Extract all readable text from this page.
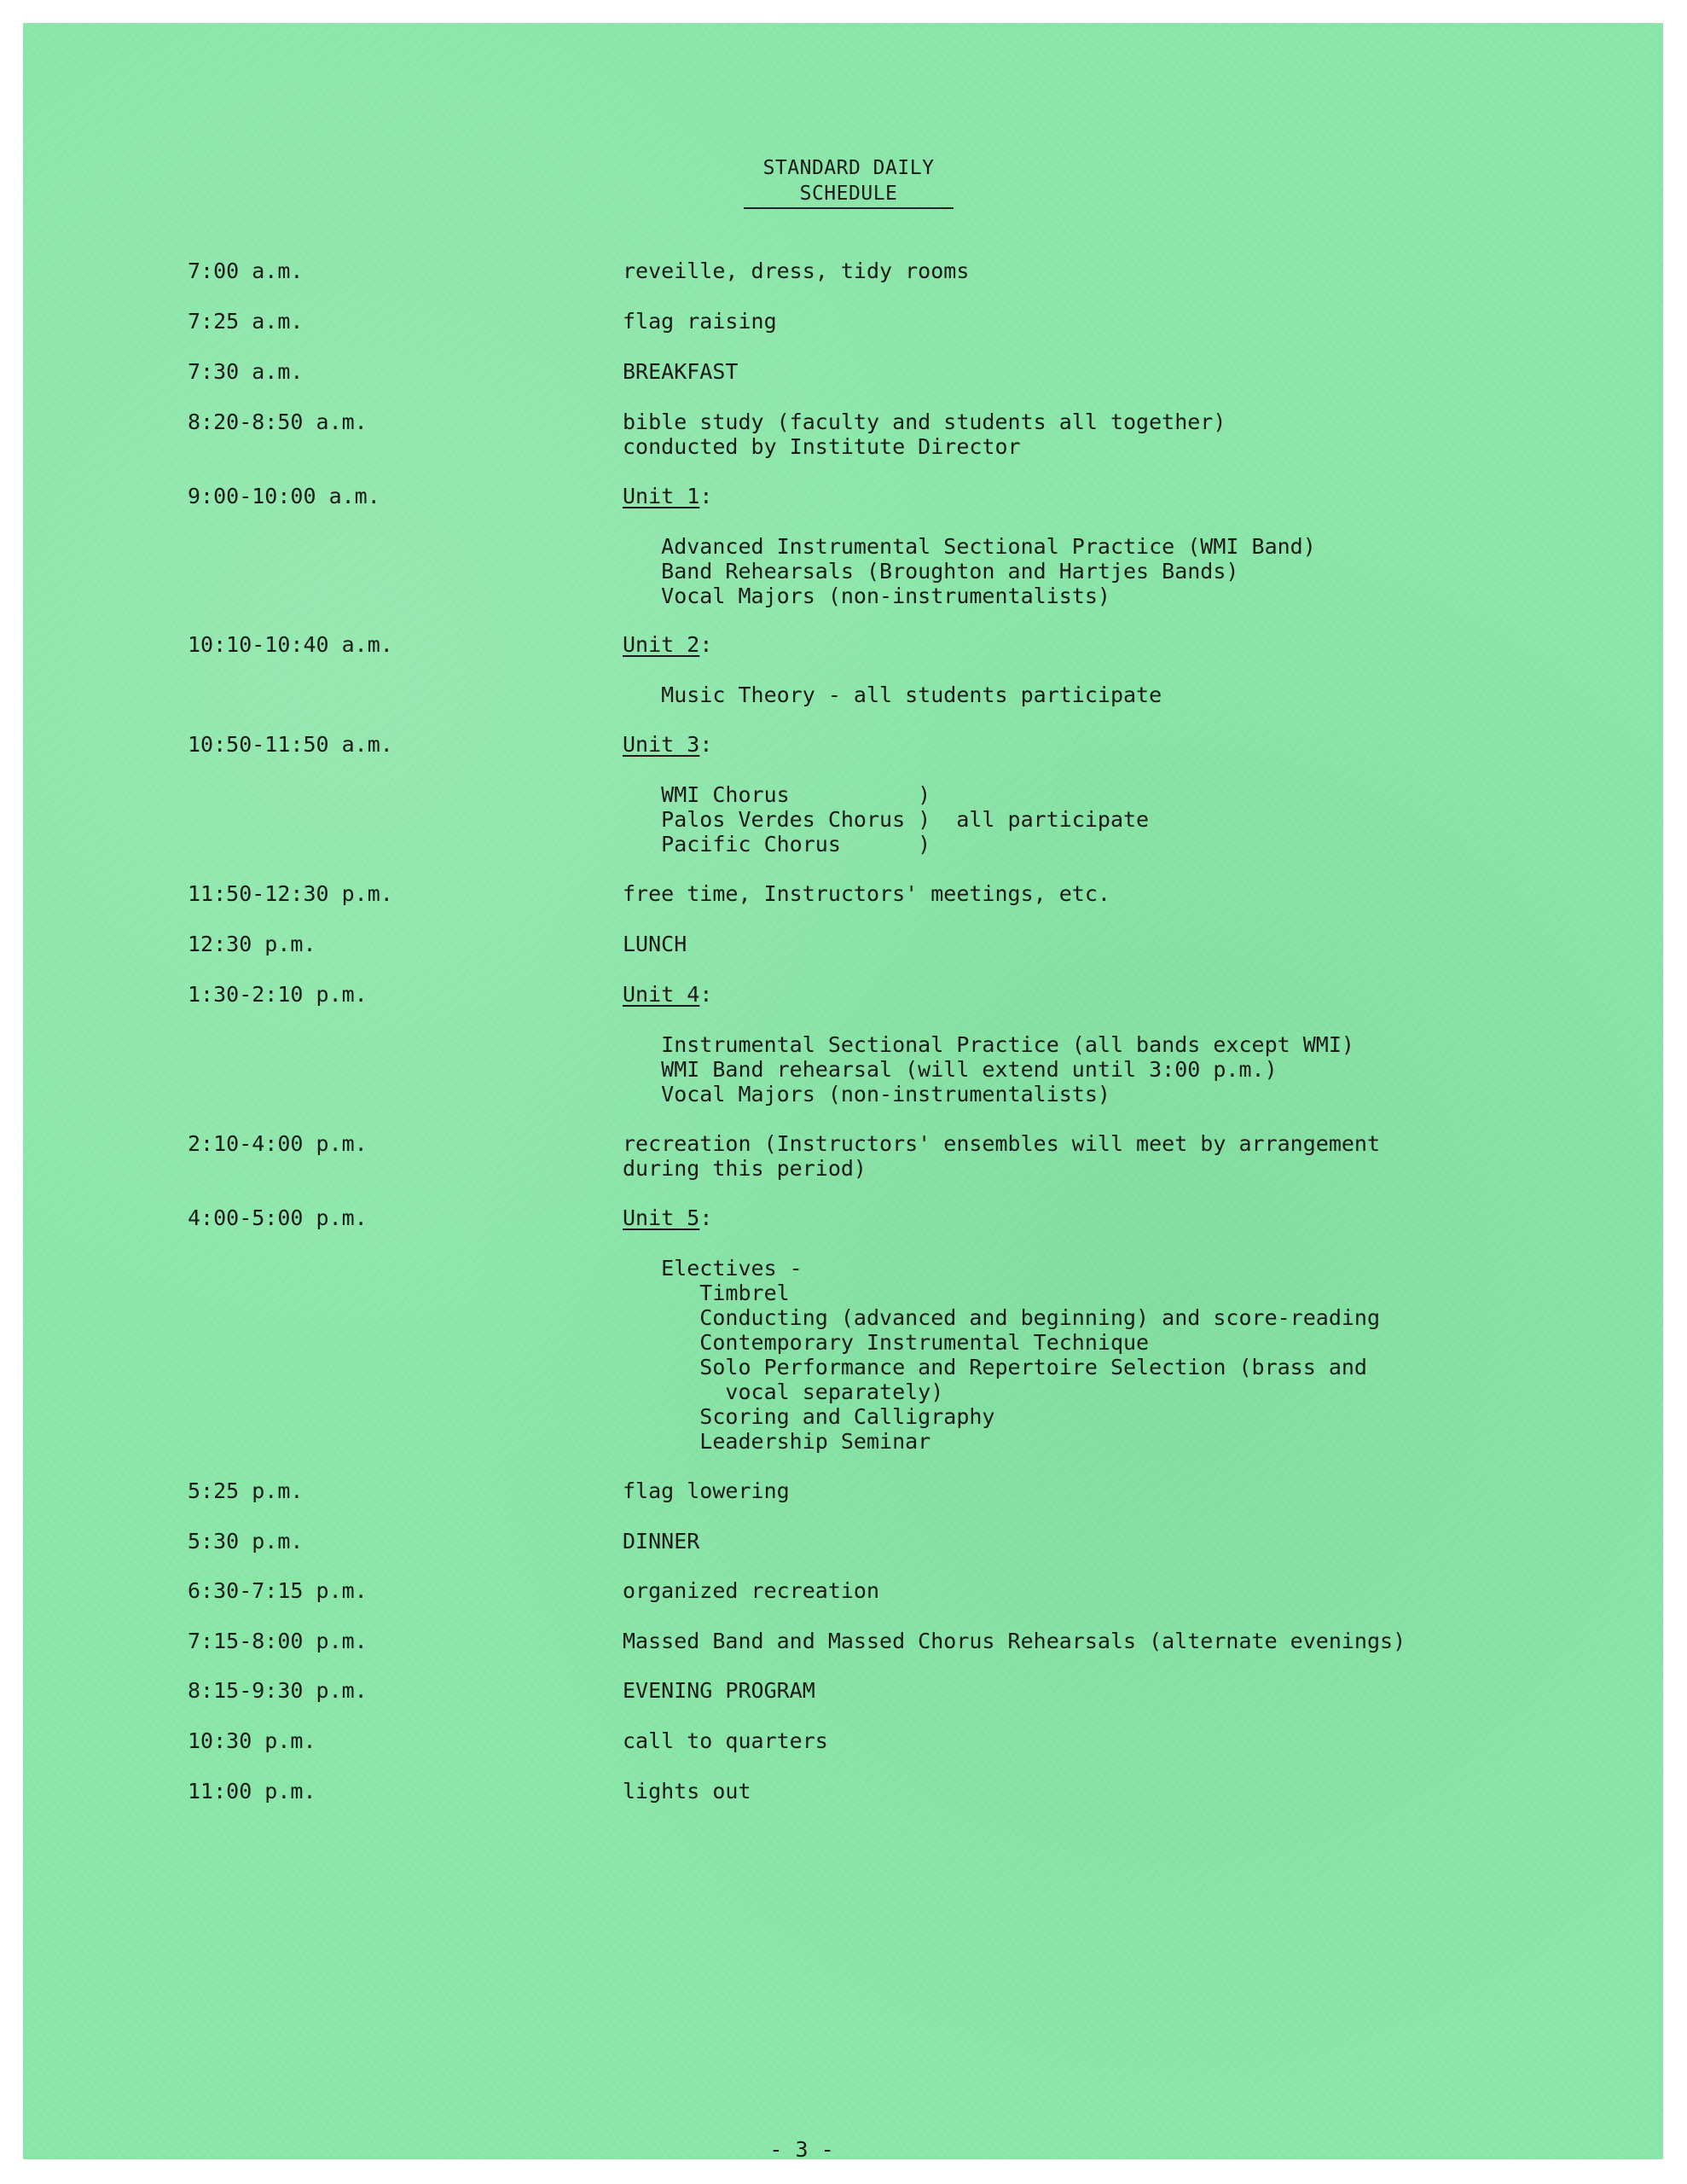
STANDARD DAILY
SCHEDULE
7:00 a.m.	reveille, dress, tidy rooms
7:25 a.m.	flag raising
7:30 a.m.	BREAKFAST
8:20-8:50 a.m.	bible study (faculty and students all together)
conducted by Institute Director
9:00-10:00 a.m.	Unit 1:
Advanced Instrumental Sectional Practice (WMI Band)
Band Rehearsals (Broughton and Hartjes Bands)
Vocal Majors (non-instrumentalists)
10:10-10:40 a.m.	Unit 2:
Music Theory - all students participate
10:50-11:50 a.m.	Unit 3:
WMI Chorus          )
Palos Verdes Chorus )  all participate
Pacific Chorus      )
11:50-12:30 p.m.	free time, Instructors' meetings, etc.
12:30 p.m.	LUNCH
1:30-2:10 p.m.	Unit 4:
Instrumental Sectional Practice (all bands except WMI)
WMI Band rehearsal (will extend until 3:00 p.m.)
Vocal Majors (non-instrumentalists)
2:10-4:00 p.m.	recreation (Instructors' ensembles will meet by arrangement
during this period)
4:00-5:00 p.m.	Unit 5:
Electives -
Timbrel
Conducting (advanced and beginning) and score-reading
Contemporary Instrumental Technique
Solo Performance and Repertoire Selection (brass and
vocal separately)
Scoring and Calligraphy
Leadership Seminar
5:25 p.m.	flag lowering
5:30 p.m.	DINNER
6:30-7:15 p.m.	organized recreation
7:15-8:00 p.m.	Massed Band and Massed Chorus Rehearsals (alternate evenings)
8:15-9:30 p.m.	EVENING PROGRAM
10:30 p.m.	call to quarters
11:00 p.m.	lights out
- 3 -
